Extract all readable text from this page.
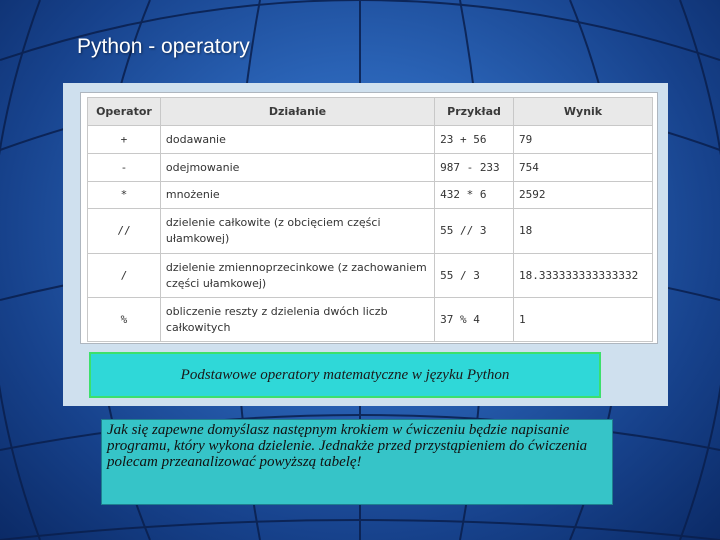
Python - operatory
Operator	Działanie	Przykład	Wynik
+	dodawanie	23 + 56	79
-	odejmowanie	987 - 233	754
*	mnożenie	432 * 6	2592
//	dzielenie całkowite (z obcięciem części ułamkowej)	55 // 3	18
/	dzielenie zmiennoprzecinkowe (z zachowaniem części ułamkowej)	55 / 3	18.333333333333332
%	obliczenie reszty z dzielenia dwóch liczb całkowitych	37 % 4	1
Podstawowe operatory matematyczne w języku Python

Jak się zapewne domyślasz następnym krokiem w ćwiczeniu będzie napisanie programu, który wykona dzielenie. Jednakże przed przystąpieniem do ćwiczenia polecam przeanalizować powyższą tabelę!
